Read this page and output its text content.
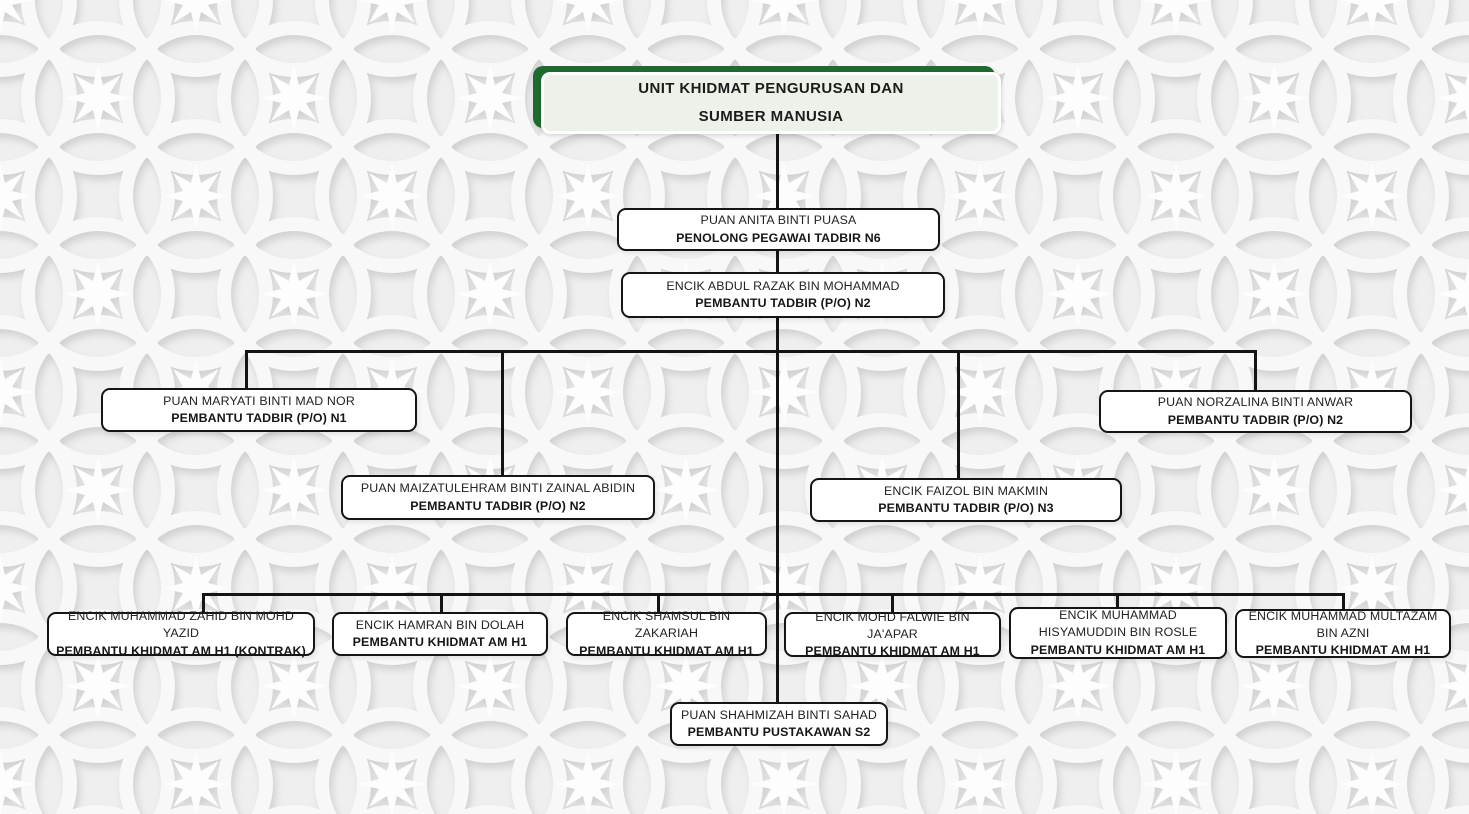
UNIT KHIDMAT PENGURUSAN DAN
SUMBER MANUSIA
PUAN ANITA BINTI PUASA
PENOLONG PEGAWAI TADBIR N6
ENCIK ABDUL RAZAK BIN MOHAMMAD
PEMBANTU TADBIR (P/O) N2
PUAN MARYATI BINTI MAD NOR
PEMBANTU TADBIR (P/O) N1
PUAN MAIZATULEHRAM BINTI ZAINAL ABIDIN
PEMBANTU TADBIR (P/O) N2
ENCIK FAIZOL BIN MAKMIN
PEMBANTU TADBIR (P/O) N3
PUAN NORZALINA BINTI ANWAR
PEMBANTU TADBIR (P/O) N2
ENCIK MUHAMMAD ZAHID BIN MOHD YAZID
PEMBANTU KHIDMAT AM H1 (KONTRAK)
ENCIK HAMRAN BIN DOLAH
PEMBANTU KHIDMAT AM H1
ENCIK SHAMSUL BIN ZAKARIAH
PEMBANTU KHIDMAT AM H1
ENCIK MOHD FALWIE BIN JA'APAR
PEMBANTU KHIDMAT AM H1
ENCIK MUHAMMAD HISYAMUDDIN BIN ROSLE
PEMBANTU KHIDMAT AM H1
ENCIK MUHAMMAD MULTAZAM BIN AZNI
PEMBANTU KHIDMAT AM H1
PUAN SHAHMIZAH BINTI SAHAD
PEMBANTU PUSTAKAWAN S2
